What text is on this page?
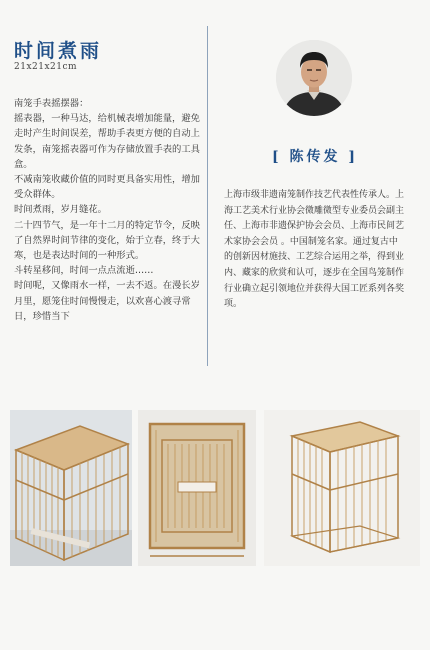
时间煮雨
21x21x21cm

南笼手表摇摆器：

摇表器，一种马达，给机械表增加能量，避免走时产生时间误差，帮助手表更方便的自动上发条，南笼摇表器可作为存储放置手表的工具盒。

不减南笼收藏价值的同时更具备实用性，增加受众群体。

时间煮雨，岁月缝花。

二十四节气，是一年十二月的特定节令，反映了自然界时间节律的变化，始于立春，终于大寒，也是表达时间的一种形式。

斗转星移间，时间一点点流逝……

时间呢，又像雨水一样，一去不返。在漫长岁月里，愿笼住时间慢慢走，以欢喜心渡寻常日，珍惜当下

[ 陈传发 ]
上海市级非遗南笼制作技艺代表性传承人。上海工艺美术行业协会微雕微型专业委员会副主任、上海市非遗保护协会会员、上海市民间艺术家协会会员 。中国制笼名家。通过复古中的创新因材施技、工艺综合运用之举，得到业内、藏家的欣赏和认可，逐步在全国鸟笼制作行业确立起引领地位并获得大国工匠系列各奖项。
